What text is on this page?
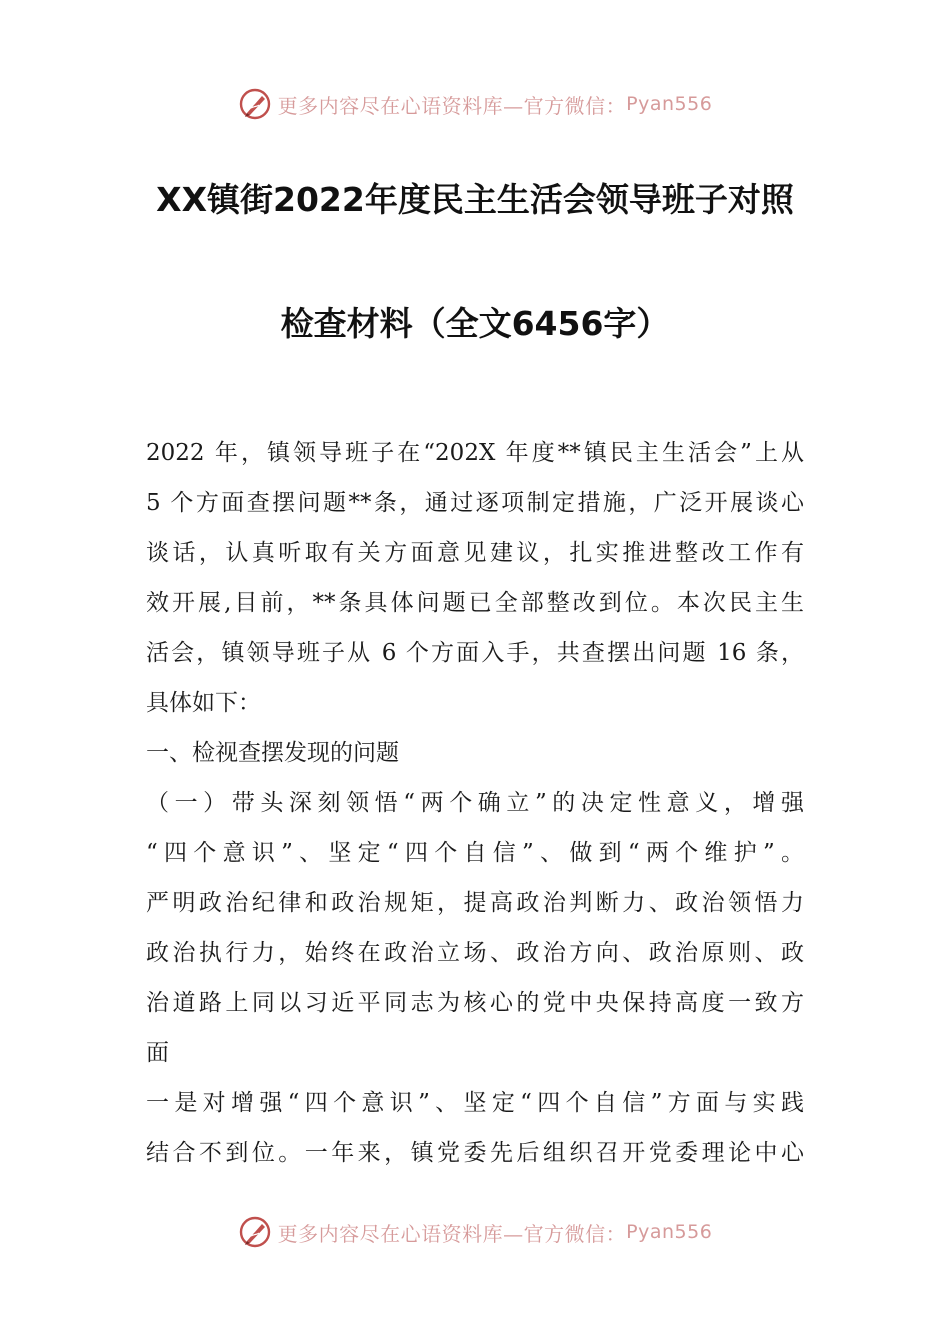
更多内容尽在心语资料库—官方微信： Pyan556
XX镇街2022年度民主生活会领导班子对照
检查材料（全文6456字）
2022 年，镇领导班子在“202X 年度**镇民主生活会”上从
5 个方面查摆问题**条，通过逐项制定措施，广泛开展谈心
谈话，认真听取有关方面意见建议，扎实推进整改工作有
效开展,目前，**条具体问题已全部整改到位。本次民主生
活会，镇领导班子从 6 个方面入手，共查摆出问题 16 条，
具体如下：
一、检视查摆发现的问题
（一）带头深刻领悟“两个确立”的决定性意义，增强
“四个意识”、坚定“四个自信”、做到“两个维护”。
严明政治纪律和政治规矩，提高政治判断力、政治领悟力
政治执行力，始终在政治立场、政治方向、政治原则、政
治道路上同以习近平同志为核心的党中央保持高度一致方
面
一是对增强“四个意识”、坚定“四个自信”方面与实践
结合不到位。一年来，镇党委先后组织召开党委理论中心
更多内容尽在心语资料库—官方微信： Pyan556
